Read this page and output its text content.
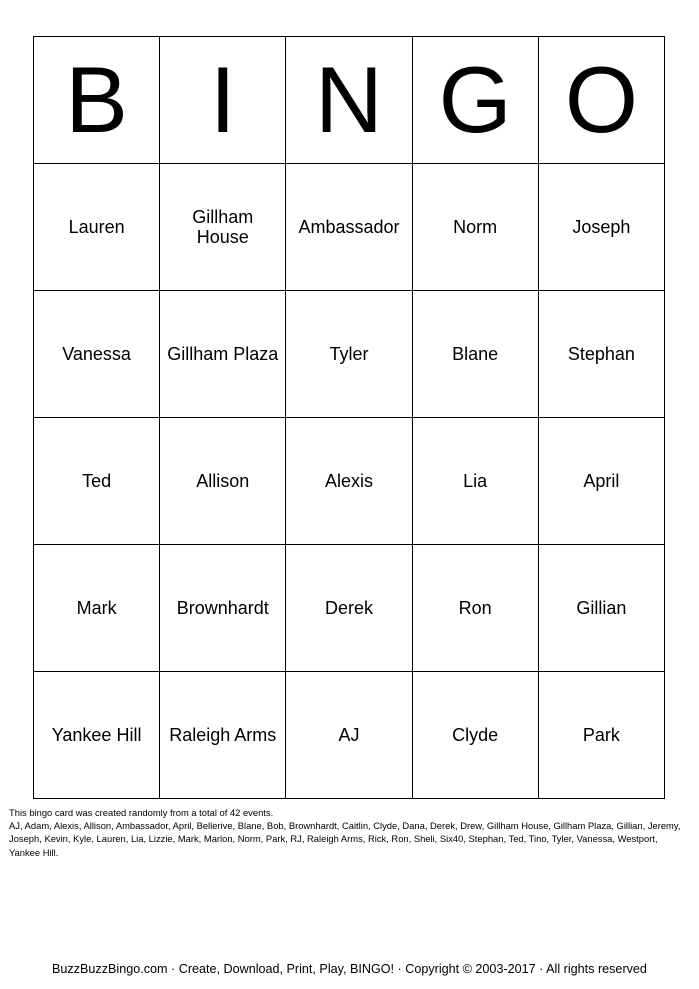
B	I	N	G	O
Lauren	Gillham House	Ambassador	Norm	Joseph
Vanessa	Gillham Plaza	Tyler	Blane	Stephan
Ted	Allison	Alexis	Lia	April
Mark	Brownhardt	Derek	Ron	Gillian
Yankee Hill	Raleigh Arms	AJ	Clyde	Park
This bingo card was created randomly from a total of 42 events.
AJ, Adam, Alexis, Allison, Ambassador, April, Bellerive, Blane, Bob, Brownhardt, Caitlin, Clyde, Dana, Derek, Drew, Gillham House, Gillham Plaza, Gillian, Jeremy, Joseph, Kevin, Kyle, Lauren, Lia, Lizzie, Mark, Marlon, Norm, Park, RJ, Raleigh Arms, Rick, Ron, Sheli, Six40, Stephan, Ted, Tino, Tyler, Vanessa, Westport, Yankee Hill.
BuzzBuzzBingo.com · Create, Download, Print, Play, BINGO! · Copyright © 2003-2017 · All rights reserved
